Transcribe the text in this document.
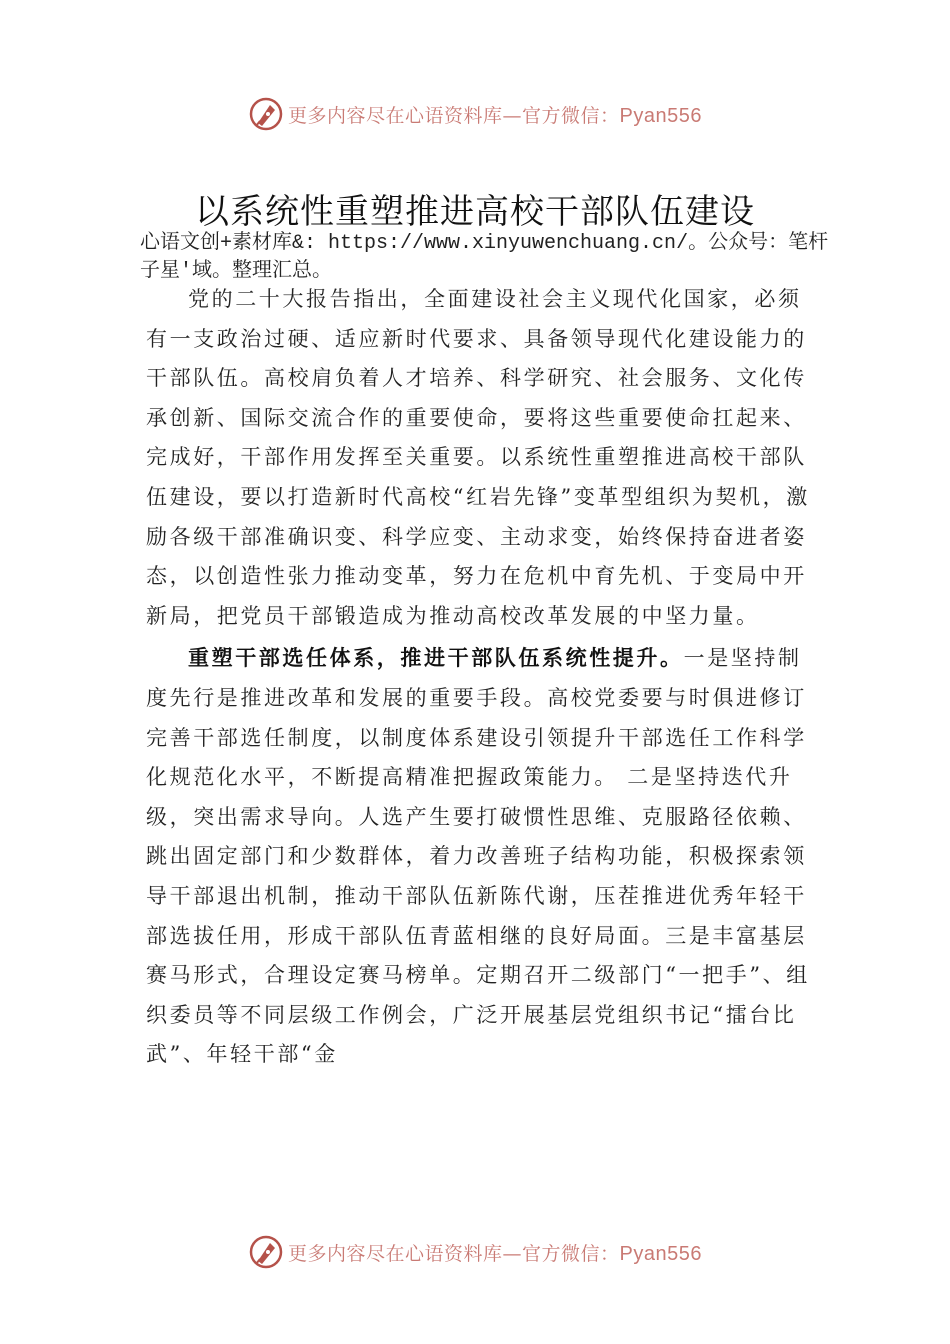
更多内容尽在心语资料库—官方微信：Pyan556
以系统性重塑推进高校干部队伍建设
心语文创+素材库&: https://www.xinyuwenchuang.cn/。公众号：笔杆子星'域。整理汇总。

党的二十大报告指出，全面建设社会主义现代化国家，必须有一支政治过硬、适应新时代要求、具备领导现代化建设能力的干部队伍。高校肩负着人才培养、科学研究、社会服务、文化传承创新、国际交流合作的重要使命，要将这些重要使命扛起来、完成好，干部作用发挥至关重要。以系统性重塑推进高校干部队伍建设，要以打造新时代高校“红岩先锋”变革型组织为契机，激励各级干部准确识变、科学应变、主动求变，始终保持奋进者姿态，以创造性张力推动变革，努力在危机中育先机、于变局中开新局，把党员干部锻造成为推动高校改革发展的中坚力量。

重塑干部选任体系，推进干部队伍系统性提升。一是坚持制度先行是推进改革和发展的重要手段。高校党委要与时俱进修订完善干部选任制度，以制度体系建设引领提升干部选任工作科学化规范化水平，不断提高精准把握政策能力。 二是坚持迭代升级，突出需求导向。人选产生要打破惯性思维、克服路径依赖、跳出固定部门和少数群体，着力改善班子结构功能，积极探索领导干部退出机制，推动干部队伍新陈代谢，压茬推进优秀年轻干部选拔任用，形成干部队伍青蓝相继的良好局面。三是丰富基层赛马形式，合理设定赛马榜单。定期召开二级部门“一把手”、组织委员等不同层级工作例会，广泛开展基层党组织书记“擂台比武”、年轻干部“金

更多内容尽在心语资料库—官方微信：Pyan556
